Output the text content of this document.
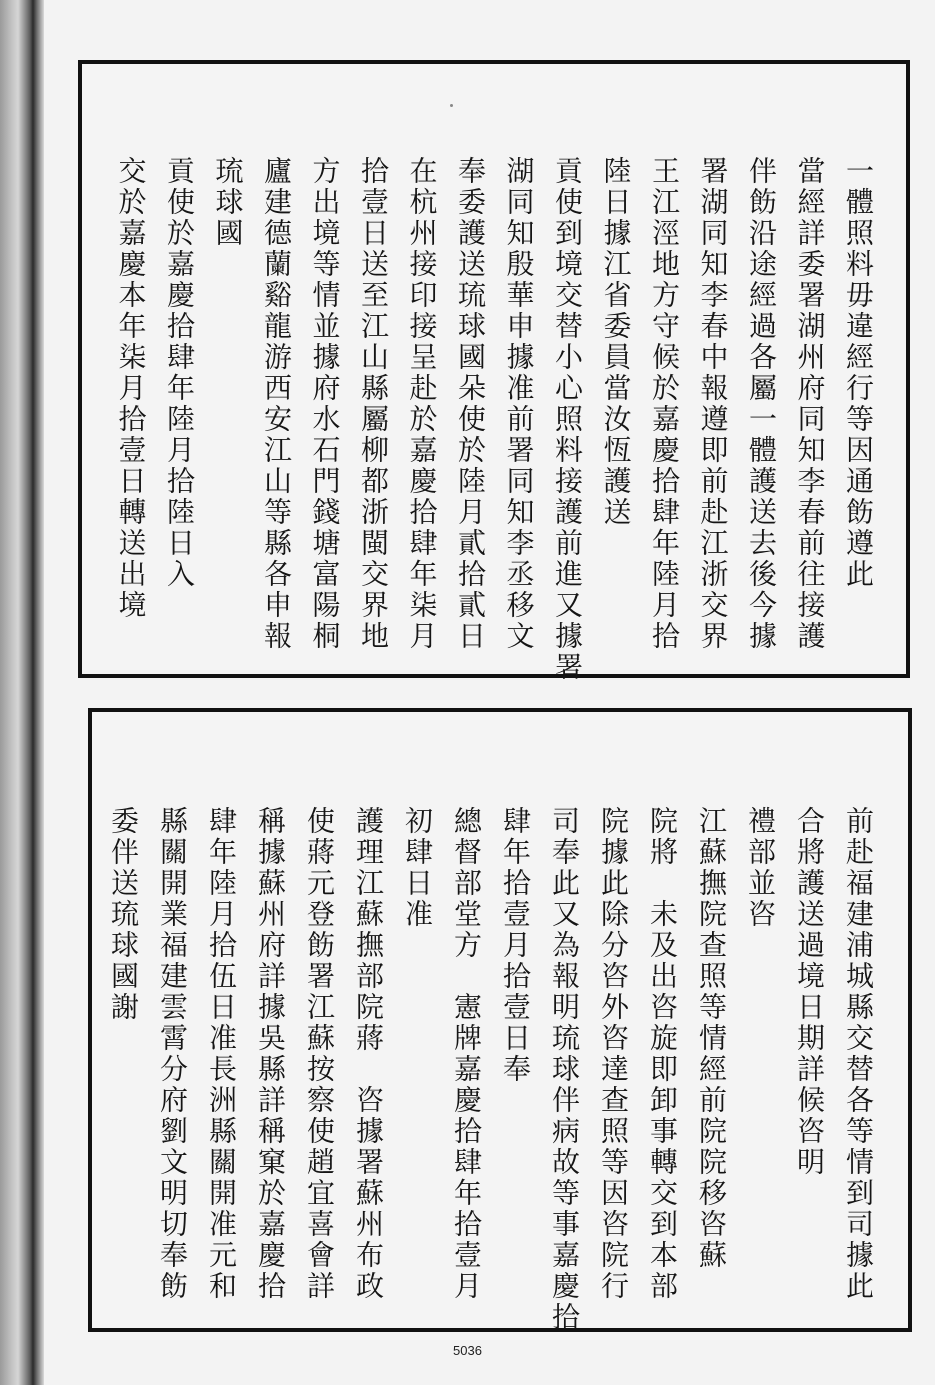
一體照料毋違經行等因通飭遵此
當經詳委署湖州府同知李春前往接護
伴飭沿途經過各屬一體護送去後今據
署湖同知李春中報遵即前赴江浙交界
王江涇地方守候於嘉慶拾肆年陸月拾
陸日據江省委員當汝恆護送
貢使到境交替小心照料接護前進又據署
湖同知殷華申據准前署同知李丞移文
奉委護送琉球國朵使於陸月貳拾貳日
在杭州接印接呈赴於嘉慶拾肆年柒月
拾壹日送至江山縣屬柳都浙閩交界地
方出境等情並據府水石門錢塘富陽桐
廬建德蘭谿龍游西安江山等縣各申報
琉球國
貢使於嘉慶拾肆年陸月拾陸日入
交於嘉慶本年柒月拾壹日轉送出境
前赴福建浦城縣交替各等情到司據此
合將護送過境日期詳候咨明
禮部並咨
江蘇撫院查照等情經前院院移咨蘇
院將　未及出咨旋即卸事轉交到本部
院據此除分咨外咨達查照等因咨院行
司奉此又為報明琉球伴病故等事嘉慶拾
肆年拾壹月拾壹日奉
總督部堂方　憲牌嘉慶拾肆年拾壹月
初肆日准
護理江蘇撫部院蔣　咨據署蘇州布政
使蔣元登飭署江蘇按察使趙宜喜會詳
稱據蘇州府詳據吳縣詳稱窠於嘉慶拾
肆年陸月拾伍日准長洲縣關開准元和
縣關開業福建雲霄分府劉文明切奉飭
委伴送琉球國謝
5036
